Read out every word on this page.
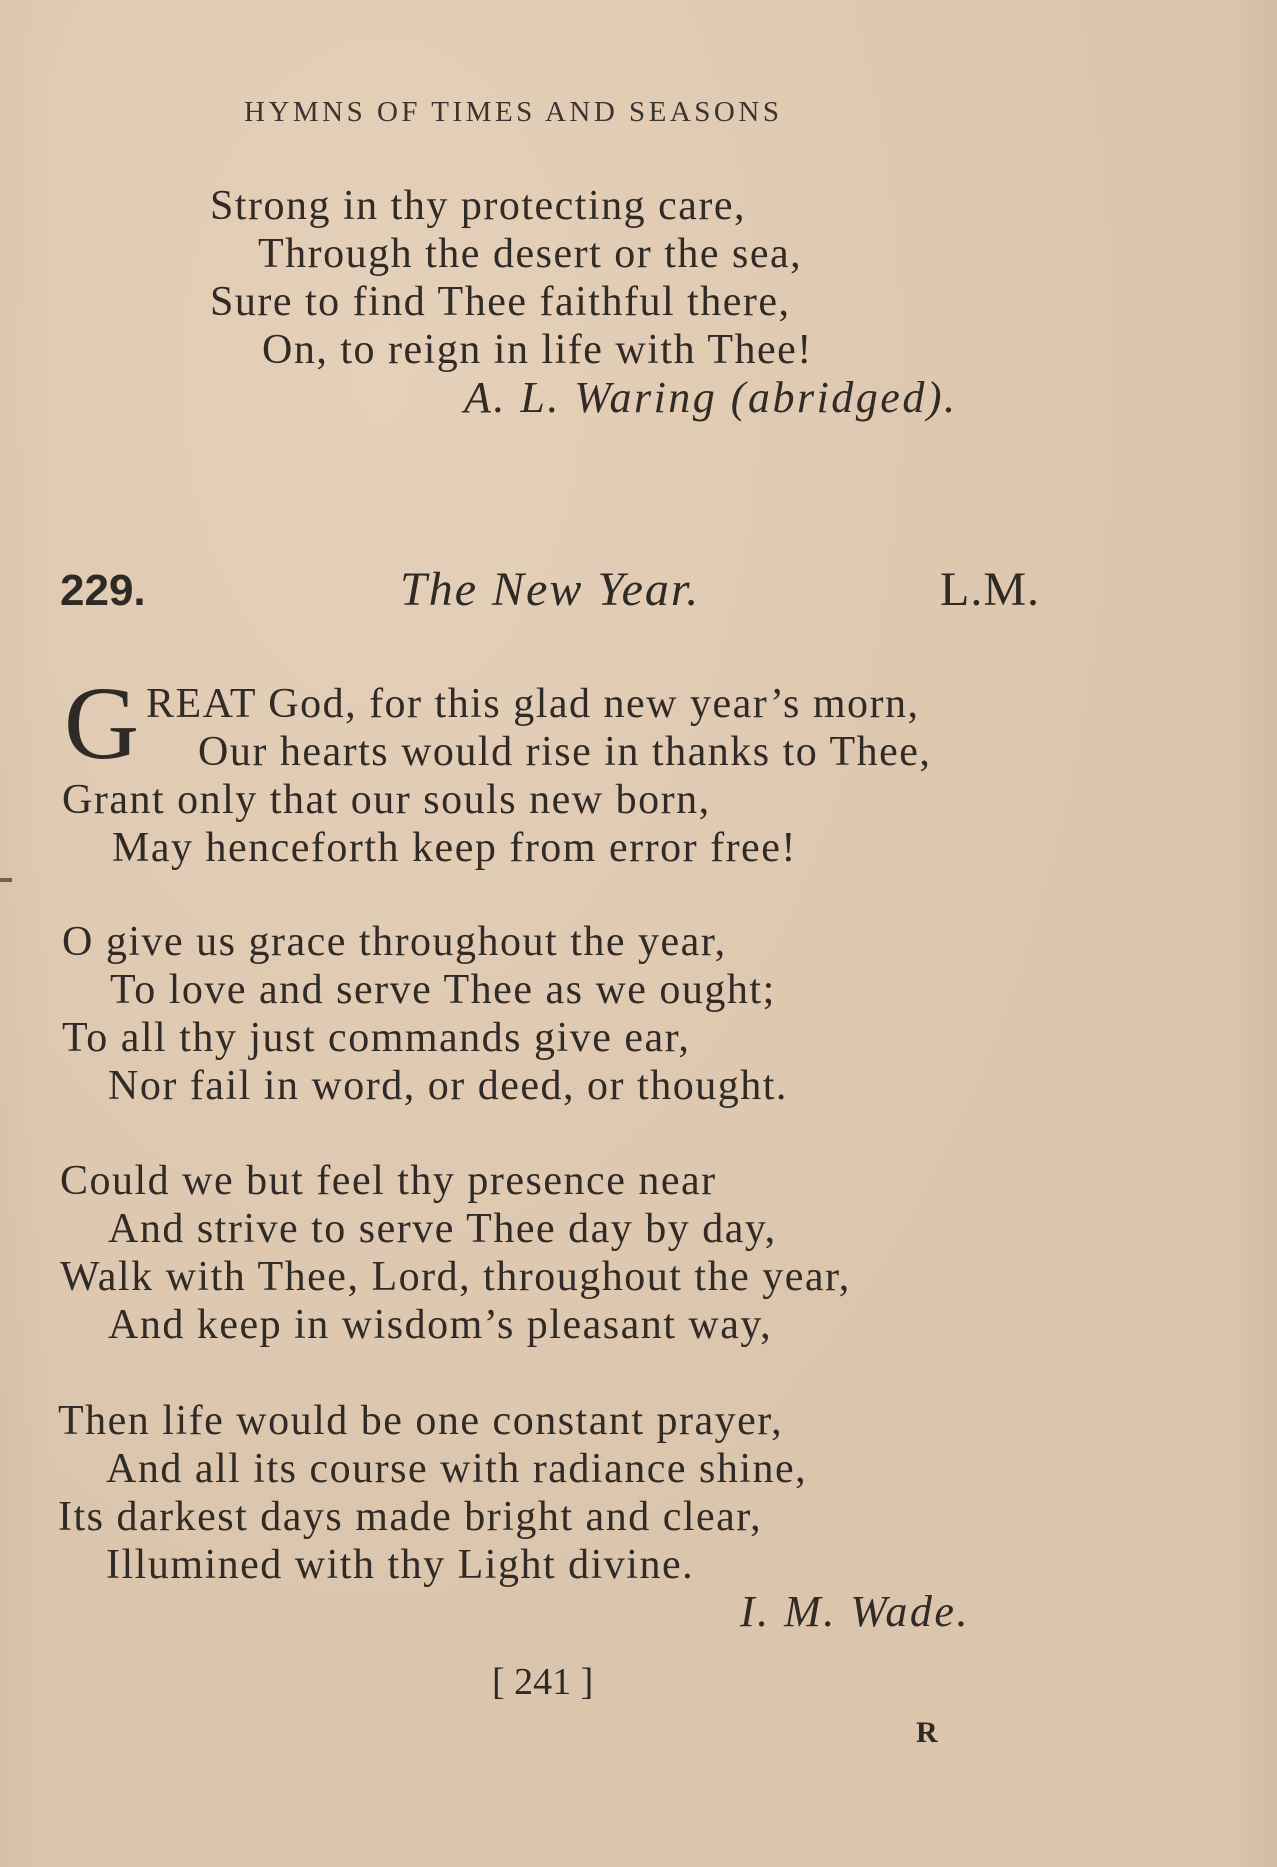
HYMNS OF TIMES AND SEASONS
Strong in thy protecting care,
Through the desert or the sea,
Sure to find Thee faithful there,
On, to reign in life with Thee!
A. L. Waring (abridged).
229.	The New Year.	L.M.
G REAT God, for this glad new year’s morn,
Our hearts would rise in thanks to Thee,
Grant only that our souls new born,
May henceforth keep from error free!
O give us grace throughout the year,
To love and serve Thee as we ought;
To all thy just commands give ear,
Nor fail in word, or deed, or thought.
Could we but feel thy presence near
And strive to serve Thee day by day,
Walk with Thee, Lord, throughout the year,
And keep in wisdom’s pleasant way,
Then life would be one constant prayer,
And all its course with radiance shine,
Its darkest days made bright and clear,
Illumined with thy Light divine.
I. M. Wade.
[ 241 ]
R
